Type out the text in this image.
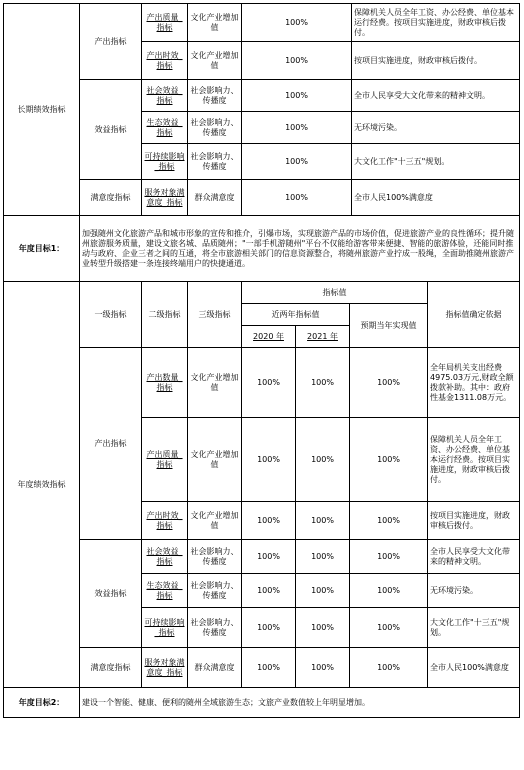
长期绩效指标	产出指标	产出质量_指标	文化产业增加值	100%	保障机关人员全年工资、办公经费、单位基本运行经费。按项目实施进度，财政审核后拨付。
		产出时效_指标	文化产业增加值	100%	按项目实施进度，财政审核后拨付。
	效益指标	社会效益_指标	社会影响力、传播度	100%	全市人民享受大文化带来的精神文明。
		生态效益_指标	社会影响力、传播度	100%	无环境污染。
		可持续影响_指标	社会影响力、传播度	100%	大文化工作"十三五"规划。
	满意度指标	服务对象满意度_指标	群众满意度	100%	全市人民100%满意度
年度目标1：	加强随州文化旅游产品和城市形象的宣传和推介，引爆市场，实现旅游产品的市场价值，促进旅游产业的良性循环；提升随州旅游服务质量，建设文旅名城、品质随州；"一部手机游随州"平台不仅能给游客带来便捷、智能的旅游体验，还能同时推动与政府、企业三者之间的互通，将全市旅游相关部门的信息资源整合，将随州旅游产业拧成一股绳，全面助推随州旅游产业转型升级搭建一条连接终端用户的快捷通道。
年度绩效指标	一级指标	二级指标	三级指标	指标值			指标值确定依据
				近两年指标值		预期当年实现值	
				2020 年	2021 年		
	产出指标	产出数量_指标	文化产业增加值	100%	100%	100%	全年局机关支出经费4975.03万元,财政全额拨款补助。其中：政府性基金1311.08万元。
		产出质量_指标	文化产业增加值	100%	100%	100%	保障机关人员全年工资、办公经费、单位基本运行经费。按项目实施进度，财政审核后拨付。
		产出时效_指标	文化产业增加值	100%	100%	100%	按项目实施进度，财政审核后拨付。
	效益指标	社会效益_指标	社会影响力、传播度	100%	100%	100%	全市人民享受大文化带来的精神文明。
		生态效益_指标	社会影响力、传播度	100%	100%	100%	无环境污染。
		可持续影响_指标	社会影响力、传播度	100%	100%	100%	大文化工作"十三五"规划。
	满意度指标	服务对象满意度_指标	群众满意度	100%	100%	100%	全市人民100%满意度
年度目标2：	建设一个智能、健康、便利的随州全域旅游生态；文旅产业数值较上年明显增加。
